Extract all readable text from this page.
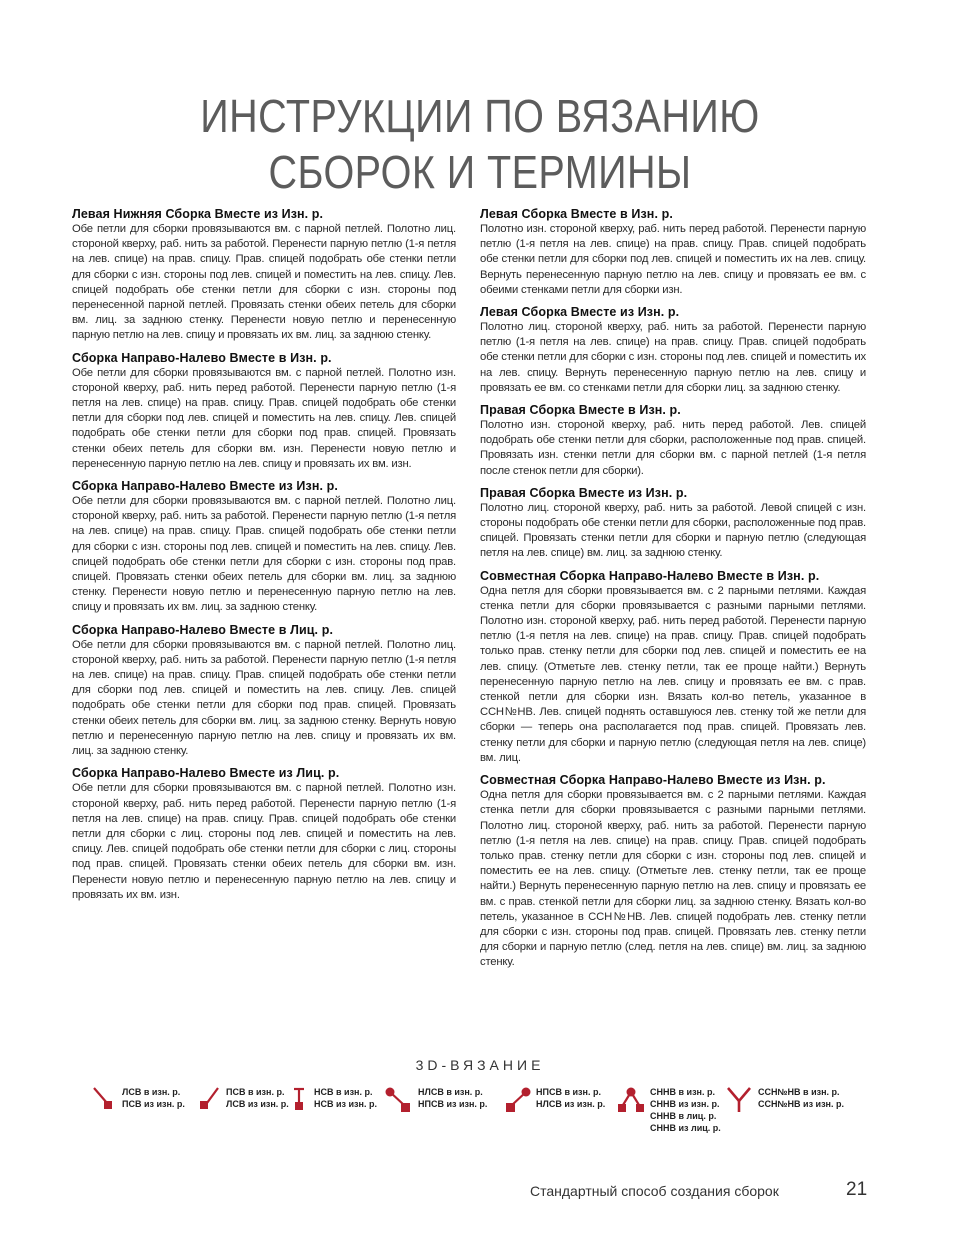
ИНСТРУКЦИИ ПО ВЯЗАНИЮ
СБОРОК И ТЕРМИНЫ
Левая Нижняя Сборка Вместе из Изн. р.

Обе петли для сборки провязываются вм. с парной петлей. Полотно лиц. стороной кверху, раб. нить за работой. Перенести парную петлю (1-я петля на лев. спице) на прав. спицу. Прав. спицей подобрать обе стенки петли для сборки с изн. стороны под лев. спицей и поместить на лев. спицу. Лев. спицей подобрать обе стенки петли для сборки с изн. стороны под перенесенной парной петлей. Провязать стенки обеих петель для сборки вм. лиц. за заднюю стенку. Перенести новую петлю и перенесенную парную петлю на лев. спицу и провязать их вм. лиц. за заднюю стенку.

Сборка Направо-Налево Вместе в Изн. р.

Обе петли для сборки провязываются вм. с парной петлей. Полотно изн. стороной кверху, раб. нить перед работой. Перенести парную петлю (1-я петля на лев. спице) на прав. спицу. Прав. спицей подобрать обе стенки петли для сборки под лев. спицей и поместить на лев. спицу. Лев. спицей подобрать обе стенки петли для сборки под прав. спицей. Провязать стенки обеих петель для сборки вм. изн. Перенести новую петлю и перенесенную парную петлю на лев. спицу и провязать их вм. изн.

Сборка Направо-Налево Вместе из Изн. р.

Обе петли для сборки провязываются вм. с парной петлей. Полотно лиц. стороной кверху, раб. нить за работой. Перенести парную петлю (1-я петля на лев. спице) на прав. спицу. Прав. спицей подобрать обе стенки петли для сборки с изн. стороны под лев. спицей и поместить на лев. спицу. Лев. спицей подобрать обе стенки петли для сборки с изн. стороны под прав. спицей. Провязать стенки обеих петель для сборки вм. лиц. за заднюю стенку. Перенести новую петлю и перенесенную парную петлю на лев. спицу и провязать их вм. лиц. за заднюю стенку.

Сборка Направо-Налево Вместе в Лиц. р.

Обе петли для сборки провязываются вм. с парной петлей. Полотно лиц. стороной кверху, раб. нить за работой. Перенести парную петлю (1-я петля на лев. спице) на прав. спицу. Прав. спицей подобрать обе стенки петли для сборки под лев. спицей и поместить на лев. спицу. Лев. спицей подобрать обе стенки петли для сборки под прав. спицей. Провязать стенки обеих петель для сборки вм. лиц. за заднюю стенку. Вернуть новую петлю и перенесенную парную петлю на лев. спицу и провязать их вм. лиц. за заднюю стенку.

Сборка Направо-Налево Вместе из Лиц. р.

Обе петли для сборки провязываются вм. с парной петлей. Полотно изн. стороной кверху, раб. нить перед работой. Перенести парную петлю (1-я петля на лев. спице) на прав. спицу. Прав. спицей подобрать обе стенки петли для сборки с лиц. стороны под лев. спицей и поместить на лев. спицу. Лев. спицей подобрать обе стенки петли для сборки с лиц. стороны под прав. спицей. Провязать стенки обеих петель для сборки вм. изн. Перенести новую петлю и перенесенную парную петлю на лев. спицу и провязать их вм. изн.

Левая Сборка Вместе в Изн. р.

Полотно изн. стороной кверху, раб. нить перед работой. Перенести парную петлю (1-я петля на лев. спице) на прав. спицу. Прав. спицей подобрать обе стенки петли для сборки под лев. спицей и поместить их на лев. спицу. Вернуть перенесенную парную петлю на лев. спицу и провязать ее вм. с обеими стенками петли для сборки изн.

Левая Сборка Вместе из Изн. р.

Полотно лиц. стороной кверху, раб. нить за работой. Перенести парную петлю (1-я петля на лев. спице) на прав. спицу. Прав. спицей подобрать обе стенки петли для сборки с изн. стороны под лев. спицей и поместить их на лев. спицу. Вернуть перенесенную парную петлю на лев. спицу и провязать ее вм. со стенками петли для сборки лиц. за заднюю стенку.

Правая Сборка Вместе в Изн. р.

Полотно изн. стороной кверху, раб. нить перед работой. Лев. спицей подобрать обе стенки петли для сборки, расположенные под прав. спицей. Провязать изн. стенки петли для сборки вм. с парной петлей (1-я петля после стенок петли для сборки).

Правая Сборка Вместе из Изн. р.

Полотно лиц. стороной кверху, раб. нить за работой. Левой спицей с изн. стороны подобрать обе стенки петли для сборки, расположенные под прав. спицей. Провязать стенки петли для сборки и парную петлю (следующая петля на лев. спице) вм. лиц. за заднюю стенку.

Совместная Сборка Направо-Налево Вместе в Изн. р.

Одна петля для сборки провязывается вм. с 2 парными петлями. Каждая стенка петли для сборки провязывается с разными парными петлями. Полотно изн. стороной кверху, раб. нить перед работой. Перенести парную петлю (1-я петля на лев. спице) на прав. спицу. Прав. спицей подобрать только прав. стенку петли для сборки под лев. спицей и поместить ее на лев. спицу. (Отметьте лев. стенку петли, так ее проще найти.) Вернуть перенесенную парную петлю на лев. спицу и провязать ее вм. с прав. стенкой петли для сборки изн. Вязать кол-во петель, указанное в ССН№НВ. Лев. спицей поднять оставшуюся лев. стенку той же петли для сборки — теперь она располагается под прав. спицей. Провязать лев. стенку петли для сборки и парную петлю (следующая петля на лев. спице) вм. лиц.

Совместная Сборка Направо-Налево Вместе из Изн. р.

Одна петля для сборки провязывается вм. с 2 парными петлями. Каждая стенка петли для сборки провязывается с разными парными петлями. Полотно лиц. стороной кверху, раб. нить за работой. Перенести парную петлю (1-я петля на лев. спице) на прав. спицу. Прав. спицей подобрать только прав. стенку петли для сборки с изн. стороны под лев. спицей и поместить ее на лев. спицу. (Отметьте лев. стенку петли, так ее проще найти.) Вернуть перенесенную парную петлю на лев. спицу и провязать ее вм. с прав. стенкой петли для сборки лиц. за заднюю стенку. Вязать кол-во петель, указанное в ССН№НВ. Лев. спицей подобрать лев. стенку петли для сборки с изн. стороны под прав. спицей. Провязать лев. стенку петли для сборки и парную петлю (след. петля на лев. спице) вм. лиц. за заднюю стенку.

3D-ВЯЗАНИЕ
ЛСВ в изн. р.
ПСВ из изн. р.
ПСВ в изн. р.
ЛСВ из изн. р.
НСВ в изн. р.
НСВ из изн. р.
НЛСВ в изн. р.
НПСВ из изн. р.
НПСВ в изн. р.
НЛСВ из изн. р.
СННВ в изн. р.
СННВ из изн. р.
СННВ в лиц. р.
СННВ из лиц. р.
ССН№НВ в изн. р.
ССН№НВ из изн. р.
Стандартный способ создания сборок	21
